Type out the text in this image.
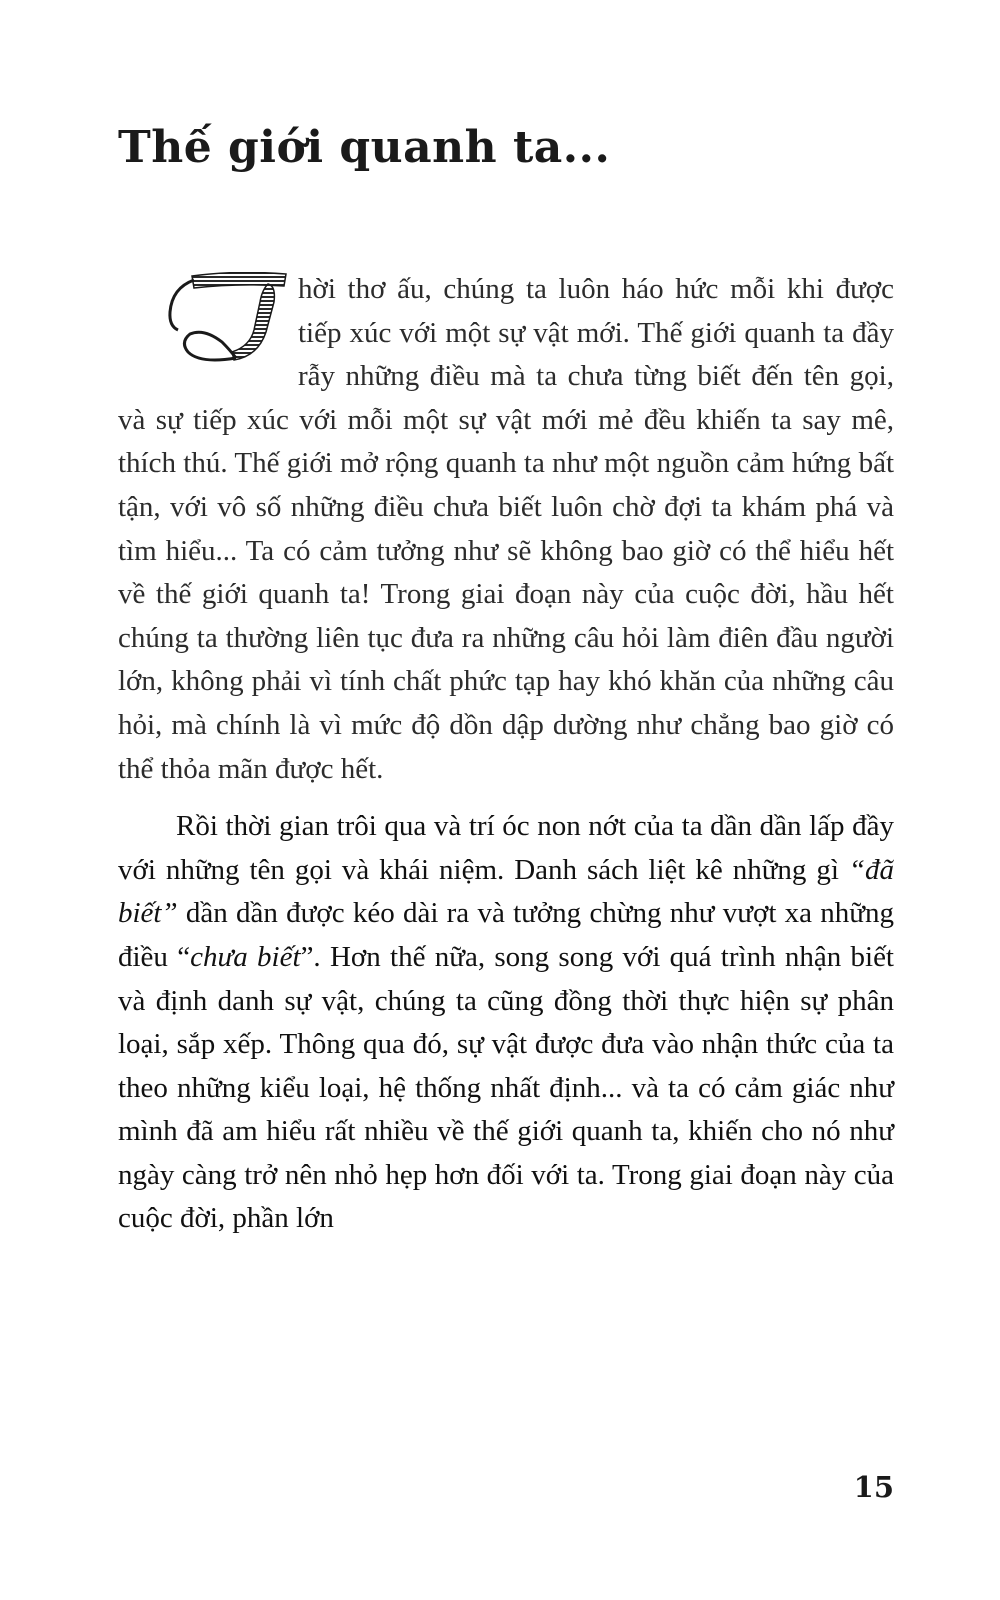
Thế giới quanh ta...

hời thơ ấu, chúng ta luôn háo hức mỗi khi được tiếp xúc với một sự vật mới. Thế giới quanh ta đầy rẫy những điều mà ta chưa từng biết đến tên gọi, và sự tiếp xúc với mỗi một sự vật mới mẻ đều khiến ta say mê, thích thú. Thế giới mở rộng quanh ta như một nguồn cảm hứng bất tận, với vô số những điều chưa biết luôn chờ đợi ta khám phá và tìm hiểu... Ta có cảm tưởng như sẽ không bao giờ có thể hiểu hết về thế giới quanh ta! Trong giai đoạn này của cuộc đời, hầu hết chúng ta thường liên tục đưa ra những câu hỏi làm điên đầu người lớn, không phải vì tính chất phức tạp hay khó khăn của những câu hỏi, mà chính là vì mức độ dồn dập dường như chẳng bao giờ có thể thỏa mãn được hết.

Rồi thời gian trôi qua và trí óc non nớt của ta dần dần lấp đầy với những tên gọi và khái niệm. Danh sách liệt kê những gì “đã biết” dần dần được kéo dài ra và tưởng chừng như vượt xa những điều “chưa biết”. Hơn thế nữa, song song với quá trình nhận biết và định danh sự vật, chúng ta cũng đồng thời thực hiện sự phân loại, sắp xếp. Thông qua đó, sự vật được đưa vào nhận thức của ta theo những kiểu loại, hệ thống nhất định... và ta có cảm giác như mình đã am hiểu rất nhiều về thế giới quanh ta, khiến cho nó như ngày càng trở nên nhỏ hẹp hơn đối với ta. Trong giai đoạn này của cuộc đời, phần lớn

15
